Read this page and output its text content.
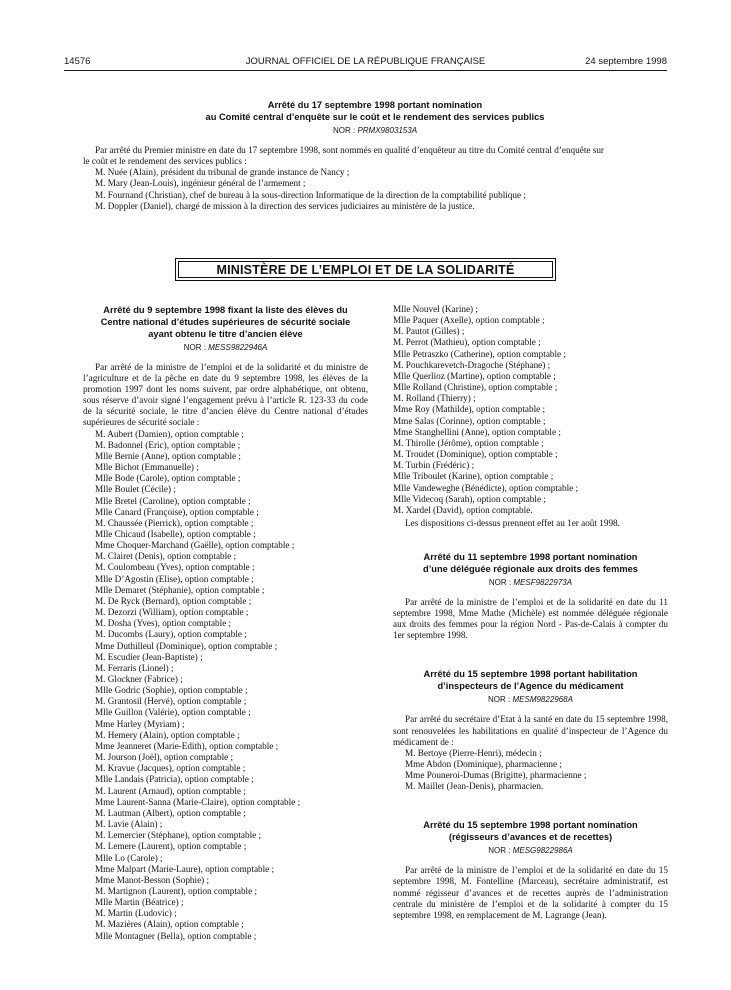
14576	JOURNAL OFFICIEL DE LA RÉPUBLIQUE FRANÇAISE	24 septembre 1998

Arrêté du 17 septembre 1998 portant nomination

au Comité central d’enquête sur le coût et le rendement des services publics

NOR : PRMX9803153A

Par arrêté du Premier ministre en date du 17 septembre 1998, sont nommés en qualité d’enquêteur au titre du Comité central d’enquête sur

le coût et le rendement des services publics :

M. Nuée (Alain), président du tribunal de grande instance de Nancy ;
M. Mary (Jean-Louis), ingénieur général de l’armement ;
M. Fournand (Christian), chef de bureau à la sous-direction Informatique de la direction de la comptabilité publique ;
M. Doppler (Daniel), chargé de mission à la direction des services judiciaires au ministère de la justice.
MINISTÈRE DE L’EMPLOI ET DE LA SOLIDARITÉ

Arrêté du 9 septembre 1998 fixant la liste des élèves du

Centre national d’études supérieures de sécurité sociale

ayant obtenu le titre d’ancien élève

NOR : MESS9822946A

Par arrêté de la ministre de l’emploi et de la solidarité et du ministre de l’agriculture et de la pêche en date du 9 septembre 1998, les élèves de la promotion 1997 dont les noms suivent, par ordre alphabétique, ont obtenu, sous réserve d’avoir signé l’engagement prévu à l’article R. 123-33 du code de la sécurité sociale, le titre d’ancien élève du Centre national d’études supérieures de sécurité sociale :

M. Aubert (Damien), option comptable ;
M. Badonnel (Eric), option comptable ;
Mlle Bernie (Anne), option comptable ;
Mlle Bichot (Emmanuelle) ;
Mlle Bode (Carole), option comptable ;
Mlle Boulet (Cécile) ;
Mlle Bretel (Caroline), option comptable ;
Mlle Canard (Françoise), option comptable ;
M. Chaussée (Pierrick), option comptable ;
Mlle Chicaud (Isabelle), option comptable ;
Mme Choquer-Marchand (Gaëlle), option comptable ;
M. Clairet (Denis), option comptable ;
M. Coulombeau (Yves), option comptable ;
Mlle D’Agostin (Elise), option comptable ;
Mlle Demaret (Stéphanie), option comptable ;
M. De Ryck (Bernard), option comptable ;
M. Dezorzi (William), option comptable ;
M. Dosha (Yves), option comptable ;
M. Ducombs (Laury), option comptable ;
Mme Duthilleul (Dominique), option comptable ;
M. Escudier (Jean-Baptiste) ;
M. Ferraris (Lionel) ;
M. Glockner (Fabrice) ;
Mlle Godric (Sophie), option comptable ;
M. Grantosil (Hervé), option comptable ;
Mlle Guillon (Valérie), option comptable ;
Mme Harley (Myriam) ;
M. Hemery (Alain), option comptable ;
Mme Jeanneret (Marie-Edith), option comptable ;
M. Jourson (Joël), option comptable ;
M. Kravue (Jacques), option comptable ;
Mlle Landais (Patricia), option comptable ;
M. Laurent (Arnaud), option comptable ;
Mme Laurent-Sanna (Marie-Claire), option comptable ;
M. Lautman (Albert), option comptable ;
M. Lavie (Alain) ;
M. Lemercier (Stéphane), option comptable ;
M. Lemere (Laurent), option comptable ;
Mlle Lo (Carole) ;
Mme Malpart (Marie-Laure), option comptable ;
Mme Manot-Besson (Sophie) ;
M. Martignon (Laurent), option comptable ;
Mlle Martin (Béatrice) ;
M. Martin (Ludovic) ;
M. Mazières (Alain), option comptable ;
Mlle Montagner (Bella), option comptable ;
Mlle Nouvel (Karine) ;
Mlle Paquer (Axelle), option comptable ;
M. Pautot (Gilles) ;
M. Perrot (Mathieu), option comptable ;
Mlle Petraszko (Catherine), option comptable ;
M. Pouchkarevetch-Dragoche (Stéphane) ;
Mlle Querlioz (Martine), option comptable ;
Mlle Rolland (Christine), option comptable ;
M. Rolland (Thierry) ;
Mme Roy (Mathilde), option comptable ;
Mme Salas (Corinne), option comptable ;
Mme Stanghellini (Anne), option comptable ;
M. Thirolle (Jérôme), option comptable ;
M. Troudet (Dominique), option comptable ;
M. Turbin (Frédéric) ;
Mlle Triboulet (Karine), option comptable ;
Mlle Vandeweghe (Bénédicte), option comptable ;
Mlle Videcoq (Sarah), option comptable ;
M. Xardel (David), option comptable.

Les dispositions ci-dessus prennent effet au 1er août 1998.

Arrêté du 11 septembre 1998 portant nomination

d’une déléguée régionale aux droits des femmes

NOR : MESF9822973A

Par arrêté de la ministre de l’emploi et de la solidarité en date du 11 septembre 1998, Mme Mathe (Michèle) est nommée déléguée régionale aux droits des femmes pour la région Nord - Pas-de-Calais à compter du 1er septembre 1998.

Arrêté du 15 septembre 1998 portant habilitation

d’inspecteurs de l’Agence du médicament

NOR : MESM9822968A

Par arrêté du secrétaire d’Etat à la santé en date du 15 septembre 1998, sont renouvelées les habilitations en qualité d’inspecteur de l’Agence du médicament de :

M. Bertoye (Pierre-Henri), médecin ;
Mme Abdon (Dominique), pharmacienne ;
Mme Pouneroi-Dumas (Brigitte), pharmacienne ;
M. Maillet (Jean-Denis), pharmacien.

Arrêté du 15 septembre 1998 portant nomination

(régisseurs d’avances et de recettes)

NOR : MESG9822986A

Par arrêté de la ministre de l’emploi et de la solidarité en date du 15 septembre 1998, M. Fontelline (Marceau), secrétaire administratif, est nommé régisseur d’avances et de recettes auprès de l’administration centrale du ministère de l’emploi et de la solidarité à compter du 15 septembre 1998, en remplacement de M. Lagrange (Jean).
